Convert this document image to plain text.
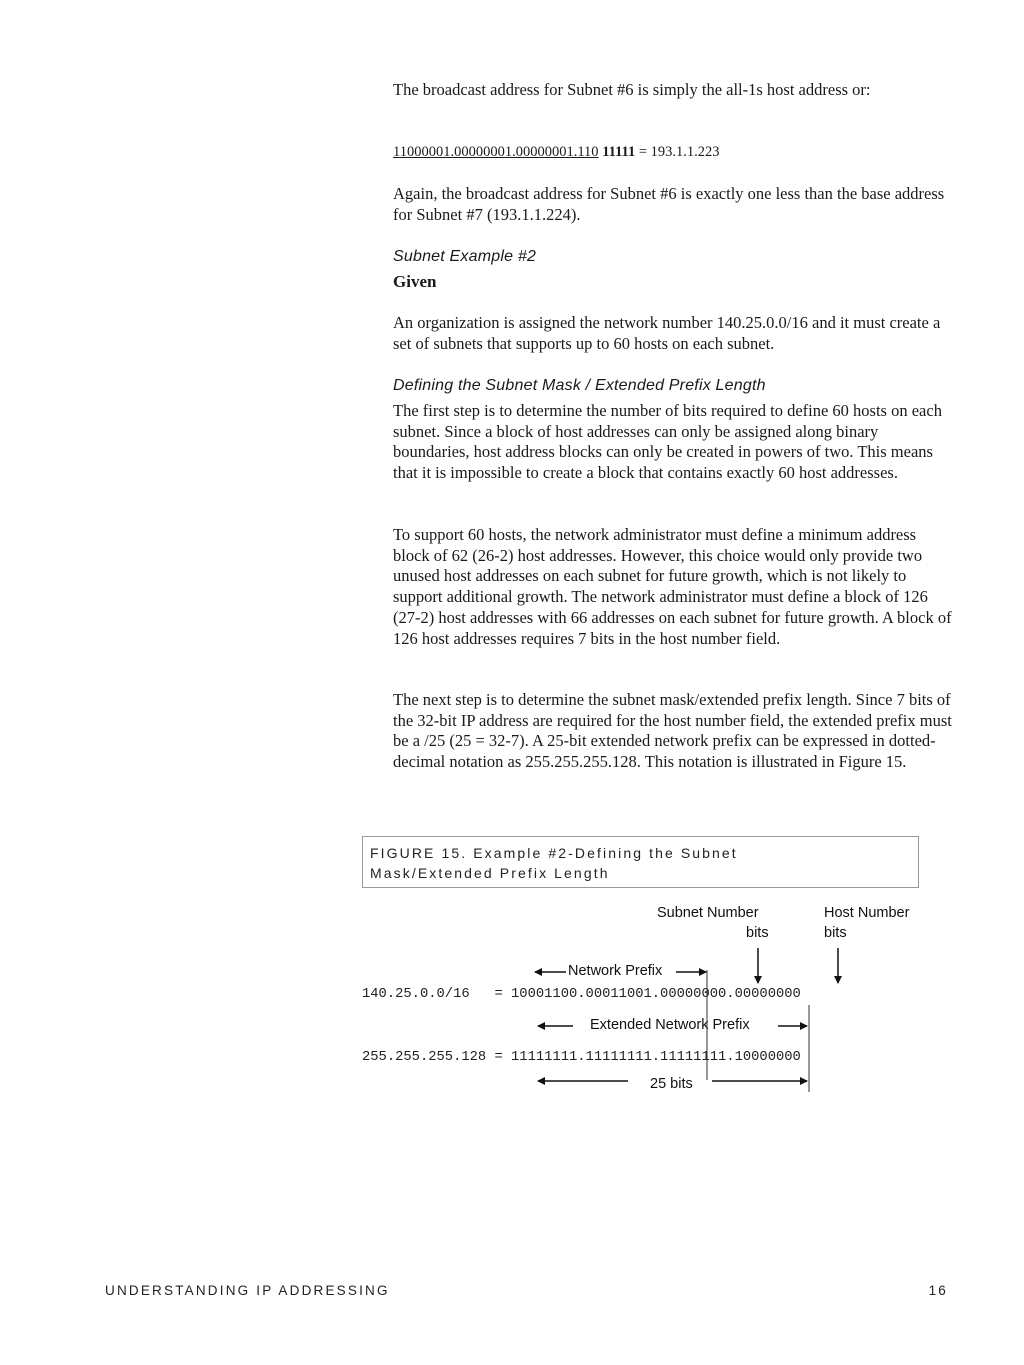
The broadcast address for Subnet #6 is simply the all-1s host address or:

11000001.00000001.00000001.110 11111 = 193.1.1.223

Again, the broadcast address for Subnet #6 is exactly one less than the base address for Subnet #7 (193.1.1.224).

Subnet Example #2

Given

An organization is assigned the network number 140.25.0.0/16 and it must create a set of subnets that supports up to 60 hosts on each subnet.

Defining the Subnet Mask / Extended Prefix Length

The first step is to determine the number of bits required to define 60 hosts on each subnet. Since a block of host addresses can only be assigned along binary boundaries, host address blocks can only be created in powers of two. This means that it is impossible to create a block that contains exactly 60 host addresses.

To support 60 hosts, the network administrator must define a minimum address block of 62 (26-2) host addresses. However, this choice would only provide two unused host addresses on each subnet for future growth, which is not likely to support additional growth. The network administrator must define a block of 126 (27-2) host addresses with 66 addresses on each subnet for future growth. A block of 126 host addresses requires 7 bits in the host number field.

The next step is to determine the subnet mask/extended prefix length. Since 7 bits of the 32-bit IP address are required for the host number field, the extended prefix must be a /25 (25 = 32-7). A 25-bit extended network prefix can be expressed in dotted-decimal notation as 255.255.255.128. This notation is illustrated in Figure 15.

FIGURE 15. Example #2-Defining the Subnet
Mask/Extended Prefix Length
Subnet Number
bits
Host Number
bits
Network Prefix
140.25.0.0/16   = 10001100.00011001.00000000.00000000
Extended Network Prefix
255.255.255.128 = 11111111.11111111.11111111.10000000
25 bits
UNDERSTANDING IP ADDRESSING	16
